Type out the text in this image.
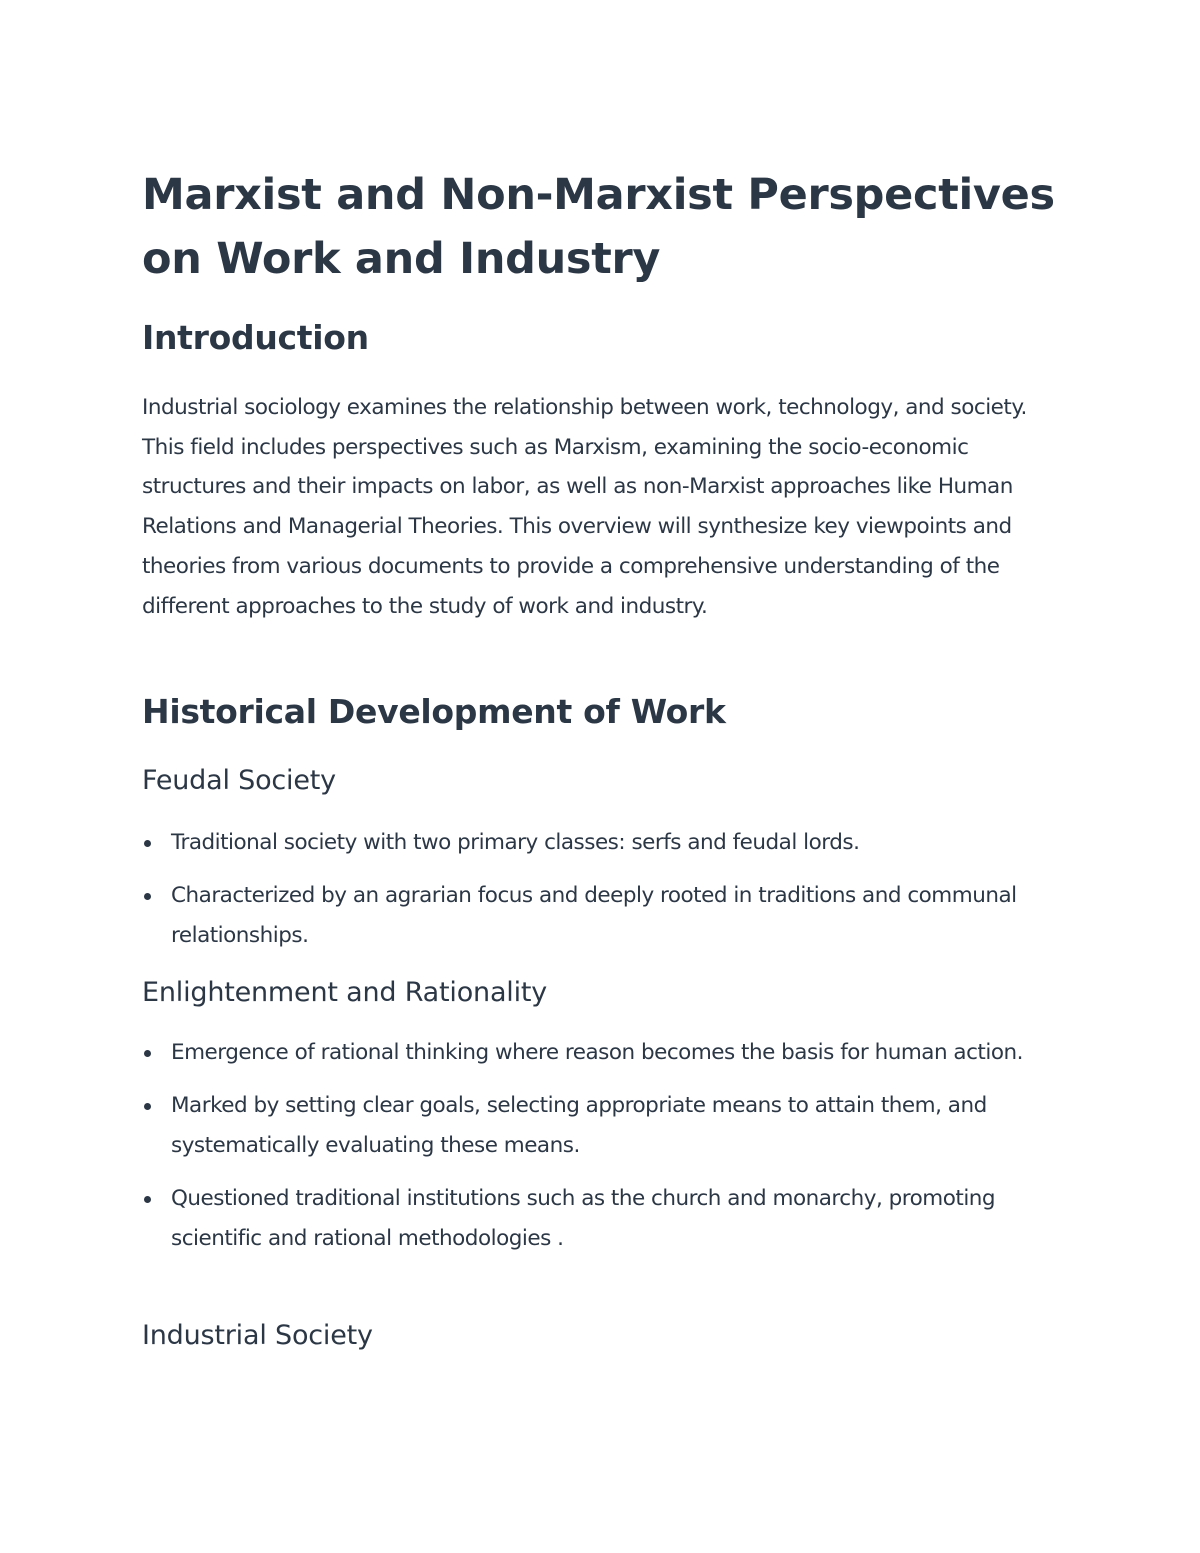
Marxist and Non-Marxist Perspectives on Work and Industry
Introduction

Industrial sociology examines the relationship between work, technology, and society. This field includes perspectives such as Marxism, examining the socio-economic structures and their impacts on labor, as well as non-Marxist approaches like Human Relations and Managerial Theories. This overview will synthesize key viewpoints and theories from various documents to provide a comprehensive understanding of the different approaches to the study of work and industry.

Historical Development of Work
Feudal Society
Traditional society with two primary classes: serfs and feudal lords.
Characterized by an agrarian focus and deeply rooted in traditions and communal relationships.
Enlightenment and Rationality
Emergence of rational thinking where reason becomes the basis for human action.
Marked by setting clear goals, selecting appropriate means to attain them, and systematically evaluating these means.
Questioned traditional institutions such as the church and monarchy, promoting scientific and rational methodologies .
Industrial Society
